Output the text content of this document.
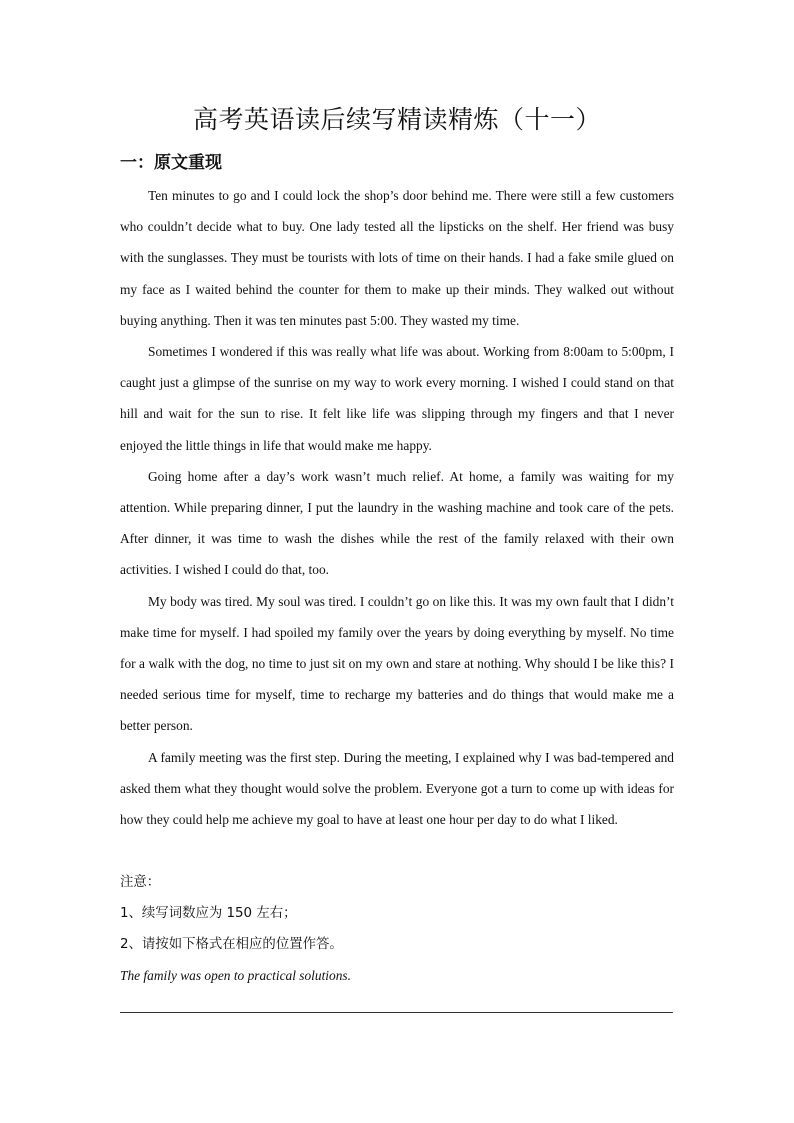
高考英语读后续写精读精炼（十一）
一：原文重现

Ten minutes to go and I could lock the shop’s door behind me. There were still a few customers who couldn’t decide what to buy. One lady tested all the lipsticks on the shelf. Her friend was busy with the sunglasses. They must be tourists with lots of time on their hands. I had a fake smile glued on my face as I waited behind the counter for them to make up their minds. They walked out without buying anything. Then it was ten minutes past 5:00. They wasted my time.

Sometimes I wondered if this was really what life was about. Working from 8:00am to 5:00pm, I caught just a glimpse of the sunrise on my way to work every morning. I wished I could stand on that hill and wait for the sun to rise. It felt like life was slipping through my fingers and that I never enjoyed the little things in life that would make me happy.

Going home after a day’s work wasn’t much relief. At home, a family was waiting for my attention. While preparing dinner, I put the laundry in the washing machine and took care of the pets. After dinner, it was time to wash the dishes while the rest of the family relaxed with their own activities. I wished I could do that, too.

My body was tired. My soul was tired. I couldn’t go on like this. It was my own fault that I didn’t make time for myself. I had spoiled my family over the years by doing everything by myself. No time for a walk with the dog, no time to just sit on my own and stare at nothing. Why should I be like this? I needed serious time for myself, time to recharge my batteries and do things that would make me a better person.

A family meeting was the first step. During the meeting, I explained why I was bad-tempered and asked them what they thought would solve the problem. Everyone got a turn to come up with ideas for how they could help me achieve my goal to have at least one hour per day to do what I liked.

注意：
1、续写词数应为 150 左右；
2、请按如下格式在相应的位置作答。
The family was open to practical solutions.
